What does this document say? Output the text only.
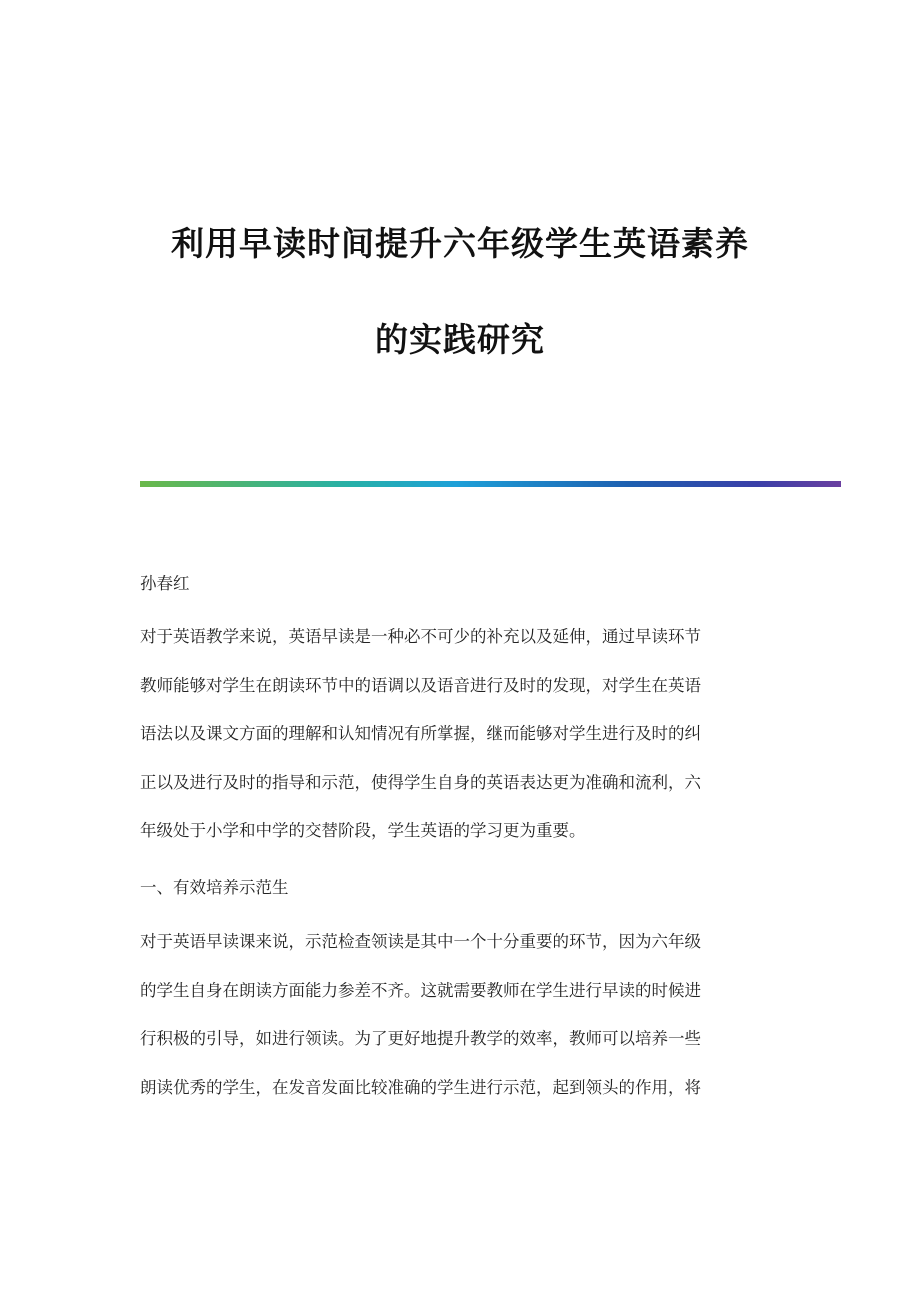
利用早读时间提升六年级学生英语素养
的实践研究

孙春红

对于英语教学来说，英语早读是一种必不可少的补充以及延伸，通过早读环节
教师能够对学生在朗读环节中的语调以及语音进行及时的发现，对学生在英语
语法以及课文方面的理解和认知情况有所掌握，继而能够对学生进行及时的纠
正以及进行及时的指导和示范，使得学生自身的英语表达更为准确和流利，六
年级处于小学和中学的交替阶段，学生英语的学习更为重要。

一、有效培养示范生

对于英语早读课来说，示范检查领读是其中一个十分重要的环节，因为六年级
的学生自身在朗读方面能力参差不齐。这就需要教师在学生进行早读的时候进
行积极的引导，如进行领读。为了更好地提升教学的效率，教师可以培养一些
朗读优秀的学生，在发音发面比较准确的学生进行示范，起到领头的作用，将
